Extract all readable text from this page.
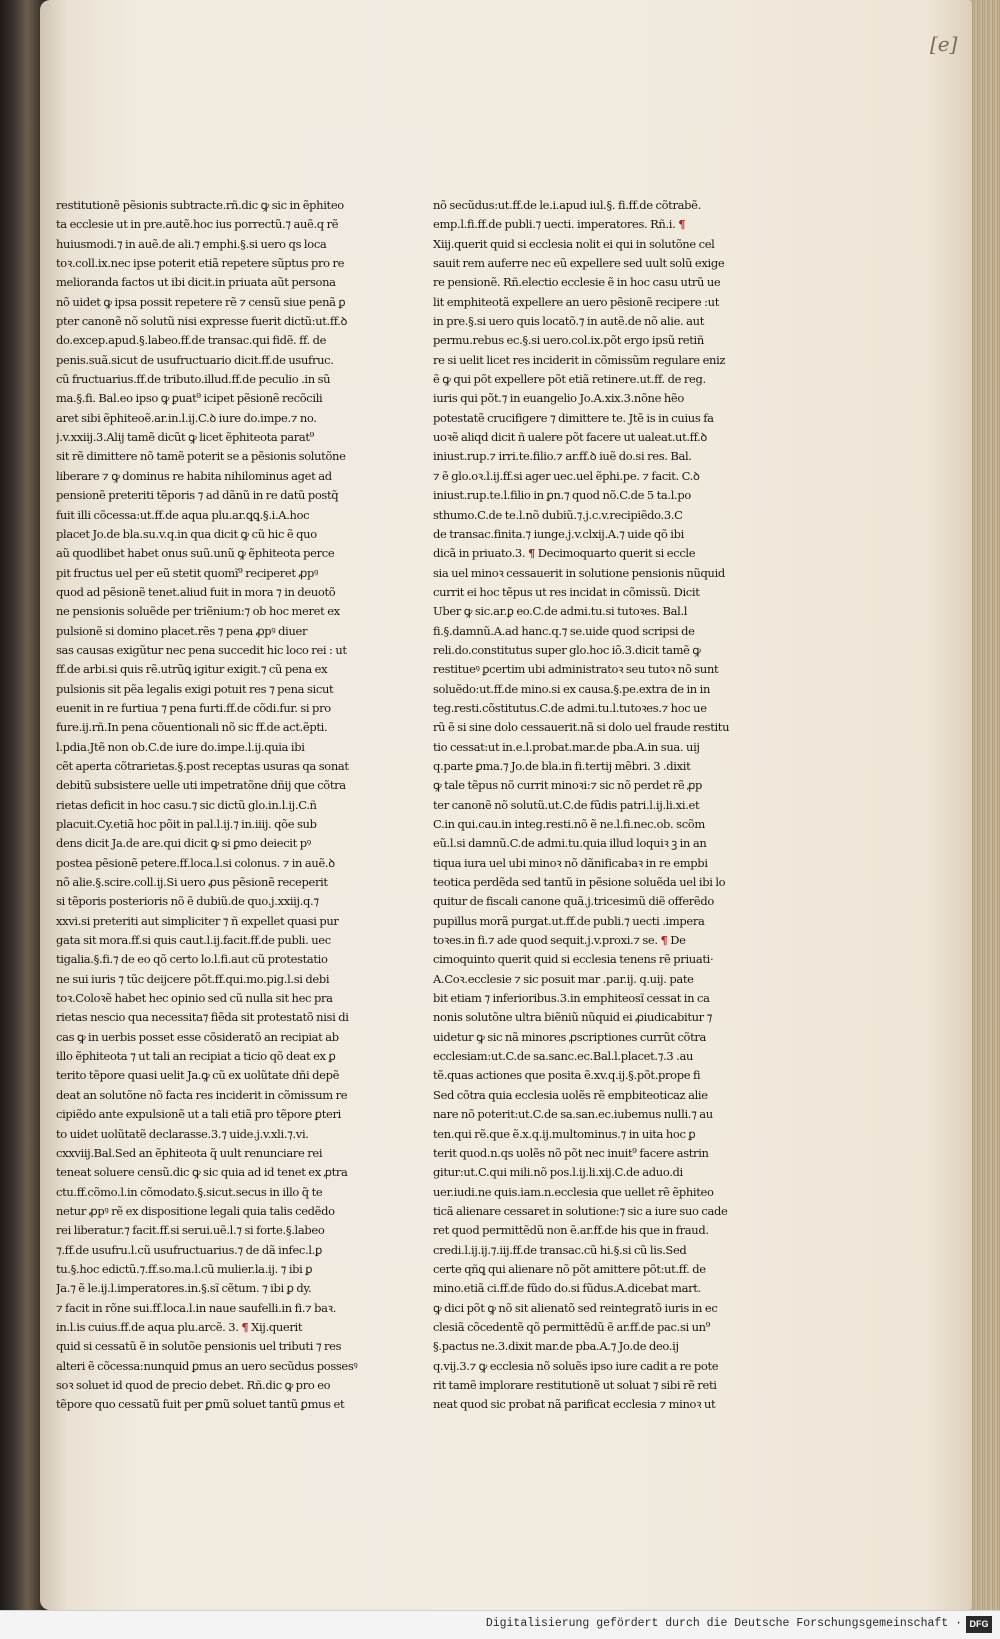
[e]
restitutionẽ pẽsionis subtracte.rñ.dic ꝙ sic in ẽphiteo
ta ecclesie ut in pre.autẽ.hoc ius porrectũ.⁊ auẽ.q rẽ
huiusmodi.⁊ in auẽ.de ali.⁊ emphi.§.si uero qs loca
toꝛ.coll.ix.nec ipse poterit etiã repetere sũptus pro re
melioranda factos ut ibi dicit.in priuata aũt persona
nõ uidet ꝙ ipsa possit repetere rẽ ⁊ censũ siue penã ꝑ
pter canonẽ nõ solutũ nisi expresse fuerit dictũ:ut.ff.ꝺ
do.excep.apud.§.labeo.ff.de transac.qui fidẽ. ff. de
penis.suã.sicut de usufructuario dicit.ff.de usufruc.
cũ fructuarius.ff.de tributo.illud.ff.de peculio .in sũ
ma.§.fi. Bal.eo ipso ꝙ ꝑuat⁹ icipet pẽsionẽ recõcili
aret sibi ẽphiteoẽ.ar.in.l.ij.C.ꝺ iure do.impe.⁊ no.
j.v.xxiij.3.Alij tamẽ dicũt ꝙ licet ẽphiteota parat⁹
sit rẽ dimittere nõ tamẽ poterit se a pẽsionis solutõne
liberare ⁊ ꝙ dominus re habita nihilominus aget ad
pensionẽ preteriti tẽporis ⁊ ad dãnũ in re datũ postq̃
fuit illi cõcessa:ut.ff.de aqua plu.ar.ꝗꝗ.§.i.A.hoc
placet Jo.de bla.su.v.q.in qua dicit ꝙ cũ hic ẽ quo
aũ quodlibet habet onus suũ.unũ ꝙ ẽphiteota perce
pit fructus uel per eũ stetit quomĩ⁹ reciperet ꝓpꝰ
quod ad pẽsionẽ tenet.aliud fuit in mora ⁊ in deuotõ
ne pensionis soluẽde per triẽnium:⁊ ob hoc meret ex
pulsionẽ si domino placet.rẽs ⁊ pena ꝓpꝰ diuer
sas causas exigũtur nec pena succedit hic loco rei : ut
ff.de arbi.si quis rẽ.utrũꝗ igitur exigit.⁊ cũ pena ex
pulsionis sit pẽa legalis exigi potuit res ⁊ pena sicut
euenit in re furtiua ⁊ pena furti.ff.de cõdi.fur. si pro
fure.ij.rñ.In pena cõuentionali nõ sic ff.de act.ẽpti.
l.pdia.Jtẽ non ob.C.de iure do.impe.l.ij.quia ibi
cẽt aperta cõtrarietas.§.post receptas usuras qa sonat
debitũ subsistere uelle uti impetratõne dñij que cõtra
rietas deficit in hoc casu.⁊ sic dictũ glo.in.l.ij.C.ñ
placuit.Cy.etiã hoc põit in pal.l.ij.⁊ in.iiij. qõe sub
dens dicit Ja.de are.qui dicit ꝙ si ꝑmo deiecit pꝰ
postea pẽsionẽ petere.ff.loca.l.si colonus. ⁊ in auẽ.ꝺ
nõ alie.§.scire.coll.ij.Si uero ꝓus pẽsionẽ receperit
si tẽporis posterioris nõ ẽ dubiũ.de quo.j.xxiij.q.⁊
xxvi.si preteriti aut simpliciter ⁊ ñ expellet quasi pur
gata sit mora.ff.si quis caut.l.ij.facit.ff.de publi. uec
tigalia.§.fi.⁊ de eo qõ certo lo.l.fi.aut cũ protestatio
ne sui iuris ⁊ tũc deijcere põt.ff.qui.mo.pig.l.si debi
toꝛ.Coloꝛẽ habet hec opinio sed cũ nulla sit hec pra
rietas nescio qua necessita⁊ fiẽda sit protestatõ nisi di
cas ꝙ in uerbis posset esse cõsideratõ an recipiat ab
illo ẽphiteota ⁊ ut tali an recipiat a ticio qõ deat ex ꝑ
terito tẽpore quasi uelit Ja.ꝙ cũ ex uolũtate dñi depẽ
deat an solutõne nõ facta res inciderit in cõmissum re
cipiẽdo ante expulsionẽ ut a tali etiã pro tẽpore ꝑteri
to uidet uolũtatẽ declarasse.3.⁊ uide.j.v.xli.⁊.vi.
cxxviij.Bal.Sed an ẽphiteota q̃ uult renunciare rei
teneat soluere censũ.dic ꝙ sic quia ad id tenet ex ꝓtra
ctu.ff.cõmo.l.in cõmodato.§.sicut.secus in illo q̃ te
netur ꝓpꝰ rẽ ex dispositione legali quia talis cedẽdo
rei liberatur.⁊ facit.ff.si serui.uẽ.l.⁊ si forte.§.labeo
⁊.ff.de usufru.l.cũ usufructuarius.⁊ de dã infec.l.ꝑ
tu.§.hoc edictũ.⁊.ff.so.ma.l.cũ mulier.la.ij. ⁊ ibi ꝑ
Ja.⁊ ẽ le.ij.l.imperatores.in.§.sĩ cẽtum. ⁊ ibi ꝑ dy.
⁊ facit in rõne sui.ff.loca.l.in naue saufelli.in fi.⁊ baꝛ.
in.l.is cuius.ff.de aqua plu.arcẽ. 3. ¶ Xij.querit
quid si cessatũ ẽ in solutõe pensionis uel tributi ⁊ res
alteri ẽ cõcessa:nunquid ꝑmus an uero secũdus possesꝰ
soꝛ soluet id quod de precio debet. Rñ.dic ꝙ pro eo
tẽpore quo cessatũ fuit per ꝑmũ soluet tantũ ꝑmus et
nõ secũdus:ut.ff.de le.i.apud iul.§. fi.ff.de cõtrabẽ.
emp.l.fi.ff.de publi.⁊ uecti. imperatores. Rñ.i. ¶
Xiij.querit quid si ecclesia nolit ei qui in solutõne cel
sauit rem auferre nec eũ expellere sed uult solũ exige
re pensionẽ. Rñ.electio ecclesie ẽ in hoc casu utrũ ue
lit emphiteotã expellere an uero pẽsionẽ recipere :ut
in pre.§.si uero quis locatõ.⁊ in autẽ.de nõ alie. aut
permu.rebus ec.§.si uero.col.ix.põt ergo ipsũ retiñ
re si uelit licet res inciderit in cõmissũm regulare eniz
ẽ ꝙ qui põt expellere põt etiã retinere.ut.ff. de reg.
iuris qui põt.⁊ in euangelio Jo.A.xix.3.nõne hẽo
potestatẽ crucifigere ⁊ dimittere te. Jtẽ is in cuius fa
uoꝛẽ aliqd dicit ñ ualere põt facere ut ualeat.ut.ff.ꝺ
iniust.rup.⁊ irri.te.filio.⁊ ar.ff.ꝺ iuẽ do.si res. Bal.
⁊ ẽ glo.oꝛ.l.ij.ff.si ager uec.uel ẽphi.pe. ⁊ facit. C.ꝺ
iniust.rup.te.l.filio in ꝑn.⁊ quod nõ.C.de 5 ta.l.po
sthumo.C.de te.l.nõ dubiũ.⁊.j.c.v.recipiẽdo.3.C
de transac.finita.⁊ iunge.j.v.clxij.A.⁊ uide qõ ibi
dicã in priuato.3. ¶ Decimoquarto querit si eccle
sia uel minoꝛ cessauerit in solutione pensionis nũquid
currit ei hoc tẽpus ut res incidat in cõmissũ. Dicit
Uber ꝙ sic.ar.ꝑ eo.C.de admi.tu.si tutoꝛes. Bal.l
fi.§.damnũ.A.ad hanc.q.⁊ se.uide quod scripsi de
reli.do.constitutus super glo.hoc iõ.3.dicit tamẽ ꝙ
restitueꝰ ꝑcertim ubi administratoꝛ seu tutoꝛ nõ sunt
soluẽdo:ut.ff.de mino.si ex causa.§.pe.extra de in in
teg.resti.cõstitutus.C.de admi.tu.l.tutoꝛes.⁊ hoc ue
rũ ẽ si sine dolo cessauerit.nã si dolo uel fraude restitu
tio cessat:ut in.e.l.probat.mar.de pba.A.in sua. uij
q.parte ꝑma.⁊ Jo.de bla.in fi.tertij mẽbri. 3 .dixit
ꝙ tale tẽpus nõ currit minoꝛi:⁊ sic nõ perdet rẽ ꝓp
ter canonẽ nõ solutũ.ut.C.de fũdis patri.l.ij.li.xi.et
C.in qui.cau.in integ.resti.nõ ẽ ne.l.fi.nec.ob. scõm
eũ.l.si damnũ.C.de admi.tu.quia illud loquiꝛ ꝫ in an
tiqua iura uel ubi minoꝛ nõ dãnificabaꝛ in re empbi
teotica perdẽda sed tantũ in pẽsione soluẽda uel ibi lo
quitur de fiscali canone quã.j.tricesimũ diẽ offerẽdo
pupillus morã purgat.ut.ff.de publi.⁊ uecti .impera
toꝛes.in fi.⁊ ade quod sequit.j.v.proxi.⁊ se. ¶ De
cimoquinto querit quid si ecclesia tenens rẽ priuati·
A.Coꝛ.ecclesie ⁊ sic posuit mar .par.ij. q.uij. pate
bit etiam ⁊ inferioribus.3.in emphiteosĩ cessat in ca
nonis solutõne ultra biẽniũ nũquid ei ꝓiudicabitur ⁊
uidetur ꝙ sic nã minores ꝓscriptiones currũt cõtra
ecclesiam:ut.C.de sa.sanc.ec.Bal.l.placet.⁊.3 .au
tẽ.quas actiones que posita ẽ.xv.q.ij.§.põt.prope fi
Sed cõtra quia ecclesia uolẽs rẽ empbiteoticaz alie
nare nõ poterit:ut.C.de sa.san.ec.iubemus nulli.⁊ au
ten.qui rẽ.que ẽ.x.q.ij.multominus.⁊ in uita hoc ꝑ
terit quod.n.qs uolẽs nõ põt nec inuit⁹ facere astrin
gitur:ut.C.qui mili.nõ pos.l.ij.li.xij.C.de aduo.di
uer.iudi.ne quis.iam.n.ecclesia que uellet rẽ ẽphiteo
ticã alienare cessaret in solutione:⁊ sic a iure suo cade
ret quod permittẽdũ non ẽ.ar.ff.de his que in fraud.
credi.l.ij.ij.⁊.iij.ff.de transac.cũ hi.§.si cũ lis.Sed
certe qñꝗ qui alienare nõ põt amittere põt:ut.ff. de
mino.etiã ci.ff.de fũdo do.si fũdus.A.dicebat mart.
ꝙ dici põt ꝙ nõ sit alienatõ sed reintegratõ iuris in ec
clesiã cõcedentẽ qõ permittẽdũ ẽ ar.ff.de pac.si un⁹
§.pactus ne.3.dixit mar.de pba.A.⁊ Jo.de deo.ij
q.vij.3.⁊ ꝙ ecclesia nõ soluẽs ipso iure cadit a re pote
rit tamẽ implorare restitutionẽ ut soluat ⁊ sibi rẽ reti
neat quod sic probat nã parificat ecclesia ⁊ minoꝛ ut
Digitalisierung gefördert durch die Deutsche Forschungsgemeinschaft · DFG
